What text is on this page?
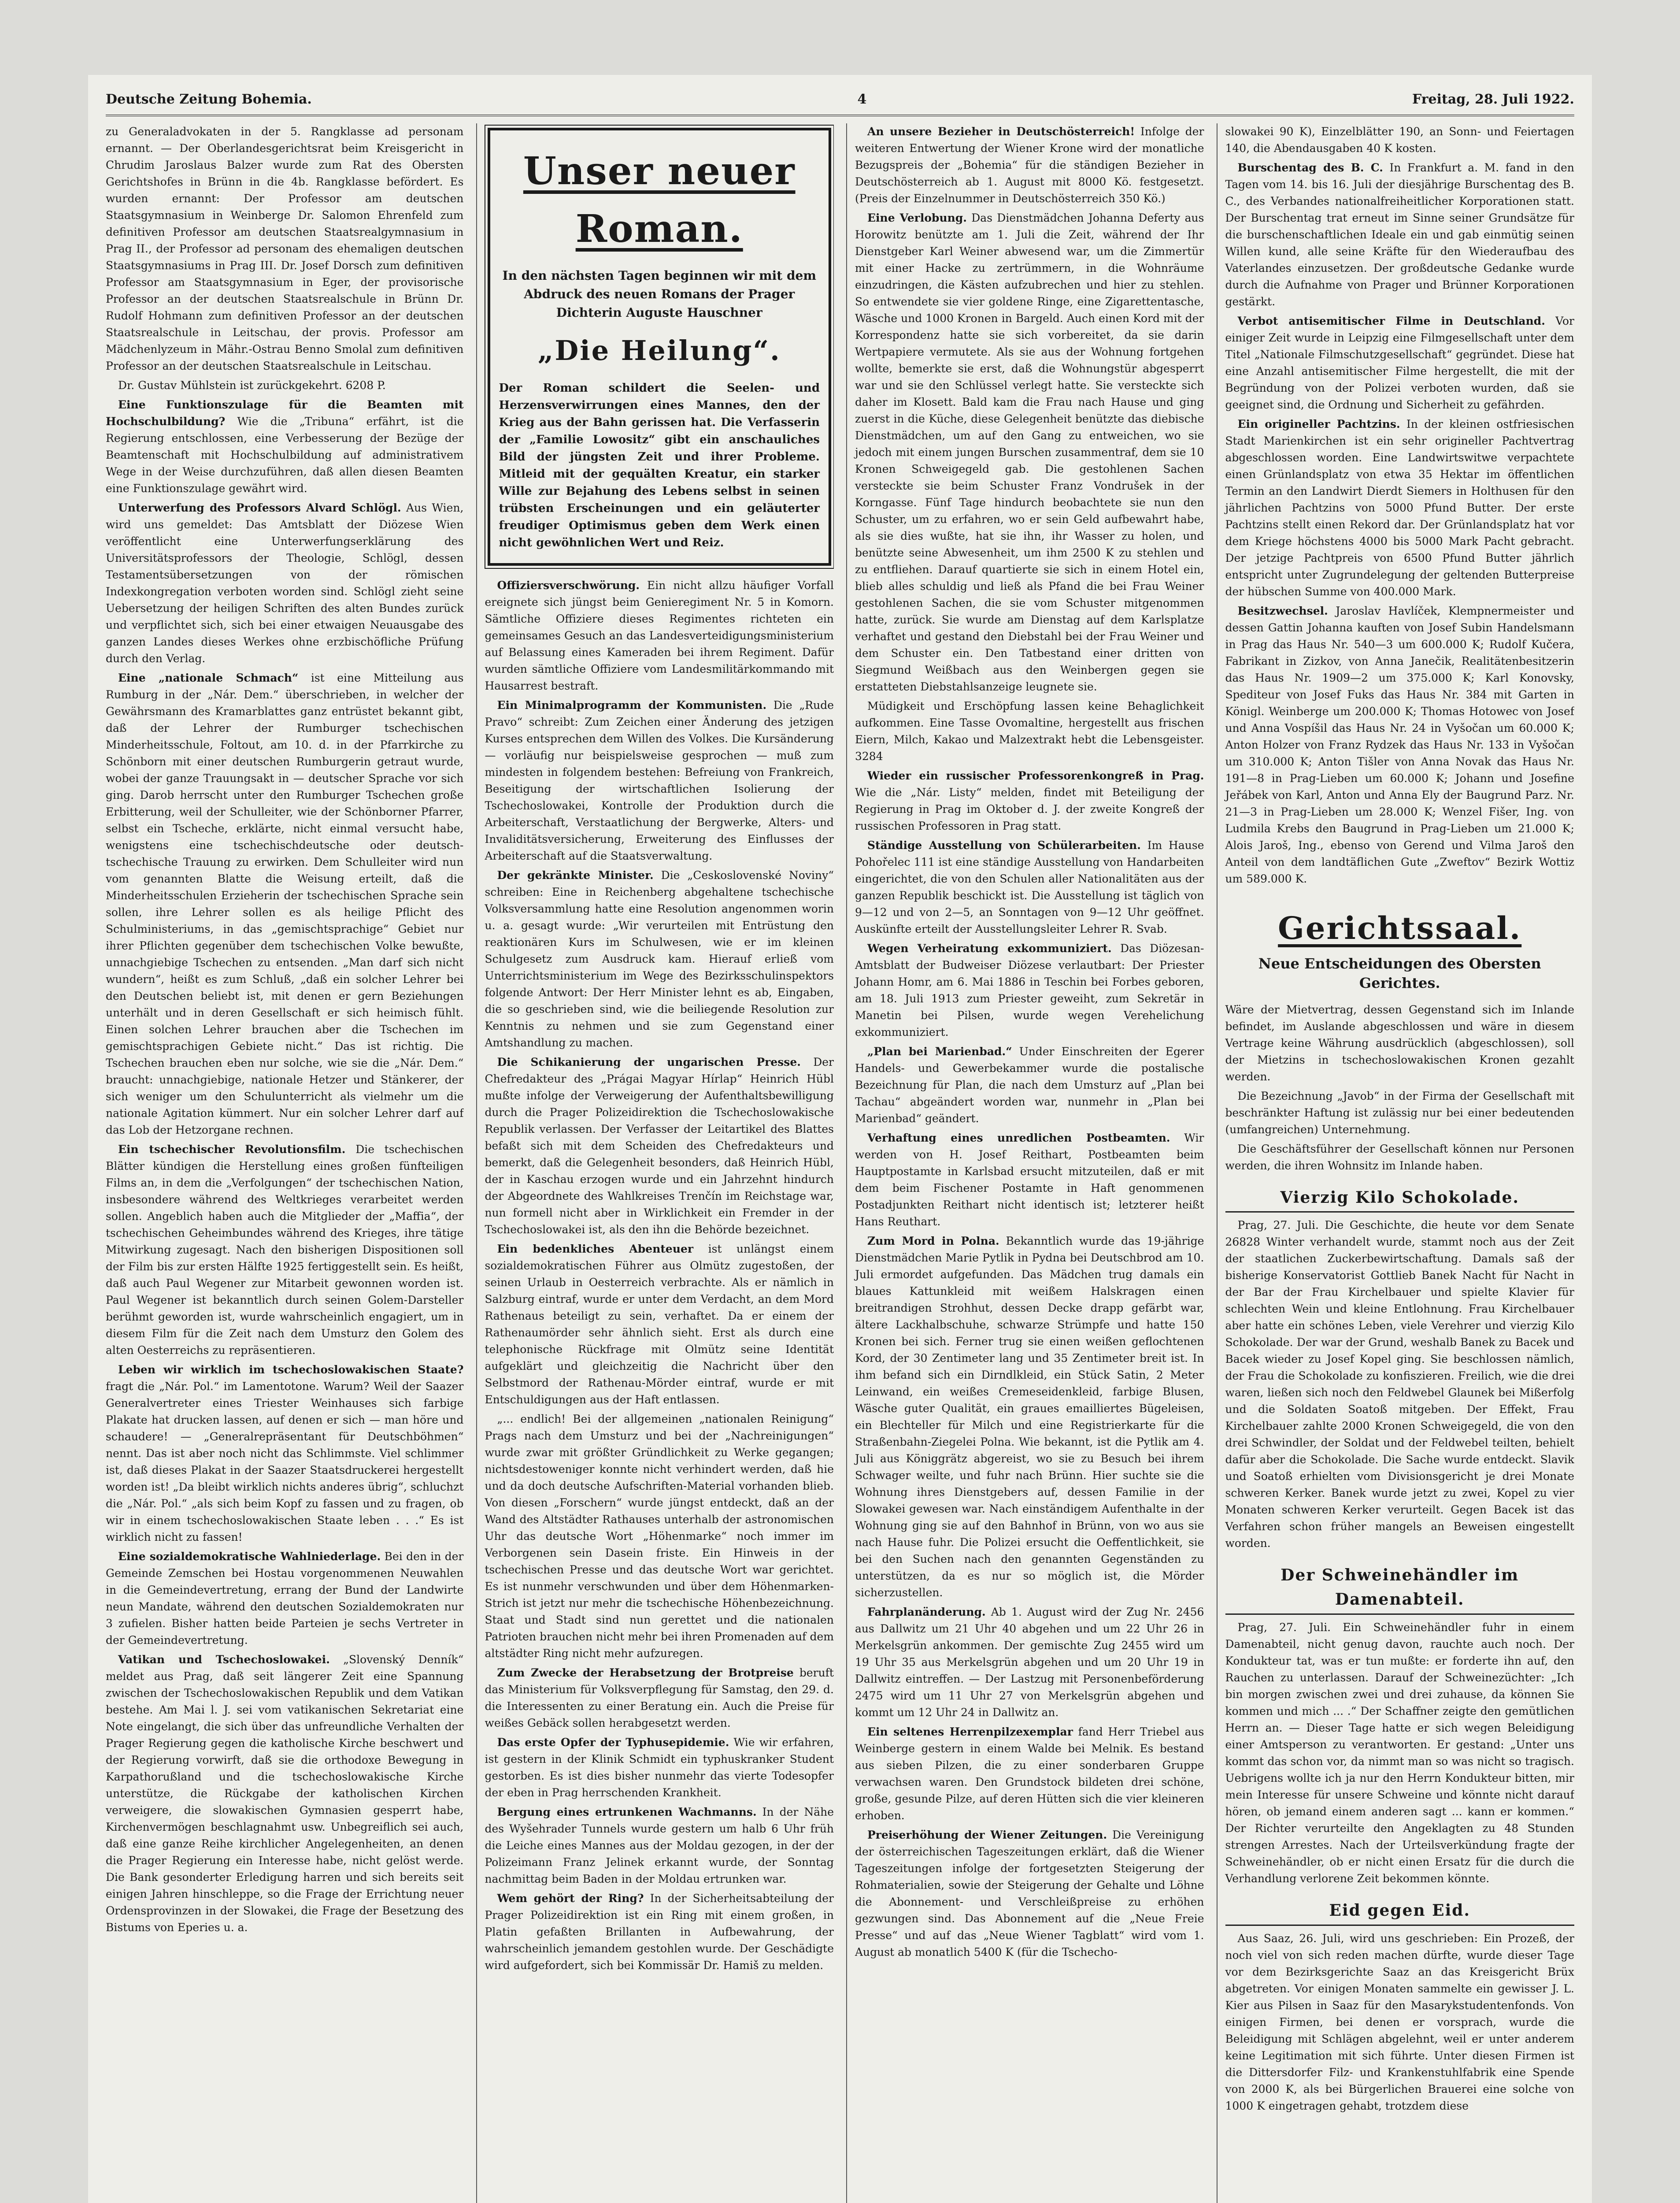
Deutsche Zeitung Bohemia.	4	Freitag, 28. Juli 1922.

zu Generaladvokaten in der 5. Rangklasse ad personam ernannt. — Der Oberlandesgerichtsrat beim Kreisgericht in Chrudim Jaroslaus Balzer wurde zum Rat des Obersten Gerichtshofes in Brünn in die 4b. Rangklasse befördert. Es wurden ernannt: Der Professor am deutschen Staatsgymnasium in Weinberge Dr. Salomon Ehrenfeld zum definitiven Professor am deutschen Staatsrealgymnasium in Prag II., der Professor ad personam des ehemaligen deutschen Staatsgymnasiums in Prag III. Dr. Josef Dorsch zum definitiven Professor am Staatsgymnasium in Eger, der provisorische Professor an der deutschen Staatsrealschule in Brünn Dr. Rudolf Hohmann zum definitiven Professor an der deutschen Staatsrealschule in Leitschau, der provis. Professor am Mädchenlyzeum in Mähr.-Ostrau Benno Smolal zum definitiven Professor an der deutschen Staatsrealschule in Leitschau.

Dr. Gustav Mühlstein ist zurückgekehrt. 6208 P.

Eine Funktionszulage für die Beamten mit Hochschulbildung? Wie die „Tribuna“ erfährt, ist die Regierung entschlossen, eine Verbesserung der Bezüge der Beamtenschaft mit Hochschulbildung auf administrativem Wege in der Weise durchzuführen, daß allen diesen Beamten eine Funktionszulage gewährt wird.

Unterwerfung des Professors Alvard Schlögl. Aus Wien, wird uns gemeldet: Das Amtsblatt der Diözese Wien veröffentlicht eine Unterwerfungserklärung des Universitätsprofessors der Theologie, Schlögl, dessen Testamentsübersetzungen von der römischen Indexkongregation verboten worden sind. Schlögl zieht seine Uebersetzung der heiligen Schriften des alten Bundes zurück und verpflichtet sich, sich bei einer etwaigen Neuausgabe des ganzen Landes dieses Werkes ohne erzbischöfliche Prüfung durch den Verlag.

Eine „nationale Schmach“ ist eine Mitteilung aus Rumburg in der „Nár. Dem.“ überschrieben, in welcher der Gewährsmann des Kramarblattes ganz entrüstet bekannt gibt, daß der Lehrer der Rumburger tschechischen Minderheitsschule, Foltout, am 10. d. in der Pfarrkirche zu Schönborn mit einer deutschen Rumburgerin getraut wurde, wobei der ganze Trauungsakt in — deutscher Sprache vor sich ging. Darob herrscht unter den Rumburger Tschechen große Erbitterung, weil der Schulleiter, wie der Schönborner Pfarrer, selbst ein Tscheche, erklärte, nicht einmal versucht habe, wenigstens eine tschechischdeutsche oder deutsch-tschechische Trauung zu erwirken. Dem Schulleiter wird nun vom genannten Blatte die Weisung erteilt, daß die Minderheitsschulen Erzieherin der tschechischen Sprache sein sollen, ihre Lehrer sollen es als heilige Pflicht des Schulministeriums, in das „gemischtsprachige“ Gebiet nur ihrer Pflichten gegenüber dem tschechischen Volke bewußte, unnachgiebige Tschechen zu entsenden. „Man darf sich nicht wundern“, heißt es zum Schluß, „daß ein solcher Lehrer bei den Deutschen beliebt ist, mit denen er gern Beziehungen unterhält und in deren Gesellschaft er sich heimisch fühlt. Einen solchen Lehrer brauchen aber die Tschechen im gemischtsprachigen Gebiete nicht.“ Das ist richtig. Die Tschechen brauchen eben nur solche, wie sie die „Nár. Dem.“ braucht: unnachgiebige, nationale Hetzer und Stänkerer, der sich weniger um den Schulunterricht als vielmehr um die nationale Agitation kümmert. Nur ein solcher Lehrer darf auf das Lob der Hetzorgane rechnen.

Ein tschechischer Revolutionsfilm. Die tschechischen Blätter kündigen die Herstellung eines großen fünfteiligen Films an, in dem die „Verfolgungen“ der tschechischen Nation, insbesondere während des Weltkrieges verarbeitet werden sollen. Angeblich haben auch die Mitglieder der „Maffia“, der tschechischen Geheimbundes während des Krieges, ihre tätige Mitwirkung zugesagt. Nach den bisherigen Dispositionen soll der Film bis zur ersten Hälfte 1925 fertiggestellt sein. Es heißt, daß auch Paul Wegener zur Mitarbeit gewonnen worden ist. Paul Wegener ist bekanntlich durch seinen Golem-Darsteller berühmt geworden ist, wurde wahrscheinlich engagiert, um in diesem Film für die Zeit nach dem Umsturz den Golem des alten Oesterreichs zu repräsentieren.

Leben wir wirklich im tschechoslowakischen Staate? fragt die „Nár. Pol.“ im Lamentotone. Warum? Weil der Saazer Generalvertreter eines Triester Weinhauses sich farbige Plakate hat drucken lassen, auf denen er sich — man höre und schaudere! — „Generalrepräsentant für Deutschböhmen“ nennt. Das ist aber noch nicht das Schlimmste. Viel schlimmer ist, daß dieses Plakat in der Saazer Staatsdruckerei hergestellt worden ist! „Da bleibt wirklich nichts anderes übrig“, schluchzt die „Nár. Pol.“ „als sich beim Kopf zu fassen und zu fragen, ob wir in einem tschechoslowakischen Staate leben . . .“ Es ist wirklich nicht zu fassen!

Eine sozialdemokratische Wahlniederlage. Bei den in der Gemeinde Zemschen bei Hostau vorgenommenen Neuwahlen in die Gemeindevertretung, errang der Bund der Landwirte neun Mandate, während den deutschen Sozialdemokraten nur 3 zufielen. Bisher hatten beide Parteien je sechs Vertreter in der Gemeindevertretung.

Vatikan und Tschechoslowakei. „Slovenský Denník“ meldet aus Prag, daß seit längerer Zeit eine Spannung zwischen der Tschechoslowakischen Republik und dem Vatikan bestehe. Am Mai l. J. sei vom vatikanischen Sekretariat eine Note eingelangt, die sich über das unfreundliche Verhalten der Prager Regierung gegen die katholische Kirche beschwert und der Regierung vorwirft, daß sie die orthodoxe Bewegung in Karpathorußland und die tschechoslowakische Kirche unterstütze, die Rückgabe der katholischen Kirchen verweigere, die slowakischen Gymnasien gesperrt habe, Kirchenvermögen beschlagnahmt usw. Unbegreiflich sei auch, daß eine ganze Reihe kirchlicher Angelegenheiten, an denen die Prager Regierung ein Interesse habe, nicht gelöst werde. Die Bank gesonderter Erledigung harren und sich bereits seit einigen Jahren hinschleppe, so die Frage der Errichtung neuer Ordensprovinzen in der Slowakei, die Frage der Besetzung des Bistums von Eperies u. a.

Unser neuer Roman.
In den nächsten Tagen beginnen wir mit dem Abdruck des neuen Romans der Prager Dichterin Auguste Hauschner
„Die Heilung“.
Der Roman schildert die Seelen- und Herzensverwirrungen eines Mannes, den der Krieg aus der Bahn gerissen hat. Die Verfasserin der „Familie Lowositz“ gibt ein anschauliches Bild der jüngsten Zeit und ihrer Probleme. Mitleid mit der gequälten Kreatur, ein starker Wille zur Bejahung des Lebens selbst in seinen trübsten Erscheinungen und ein geläuterter freudiger Optimismus geben dem Werk einen nicht gewöhnlichen Wert und Reiz.

Offiziersverschwörung. Ein nicht allzu häufiger Vorfall ereignete sich jüngst beim Genieregiment Nr. 5 in Komorn. Sämtliche Offiziere dieses Regimentes richteten ein gemeinsames Gesuch an das Landesverteidigungsministerium auf Belassung eines Kameraden bei ihrem Regiment. Dafür wurden sämtliche Offiziere vom Landesmilitärkommando mit Hausarrest bestraft.

Ein Minimalprogramm der Kommunisten. Die „Rude Pravo“ schreibt: Zum Zeichen einer Änderung des jetzigen Kurses entsprechen dem Willen des Volkes. Die Kursänderung — vorläufig nur beispielsweise gesprochen — muß zum mindesten in folgendem bestehen: Befreiung von Frankreich, Beseitigung der wirtschaftlichen Isolierung der Tschechoslowakei, Kontrolle der Produktion durch die Arbeiterschaft, Verstaatlichung der Bergwerke, Alters- und Invaliditätsversicherung, Erweiterung des Einflusses der Arbeiterschaft auf die Staatsverwaltung.

Der gekränkte Minister. Die „Ceskoslovenské Noviny“ schreiben: Eine in Reichenberg abgehaltene tschechische Volksversammlung hatte eine Resolution angenommen worin u. a. gesagt wurde: „Wir verurteilen mit Entrüstung den reaktionären Kurs im Schulwesen, wie er im kleinen Schulgesetz zum Ausdruck kam. Hierauf erließ vom Unterrichtsministerium im Wege des Bezirksschulinspektors folgende Antwort: Der Herr Minister lehnt es ab, Eingaben, die so geschrieben sind, wie die beiliegende Resolution zur Kenntnis zu nehmen und sie zum Gegenstand einer Amtshandlung zu machen.

Die Schikanierung der ungarischen Presse. Der Chefredakteur des „Prágai Magyar Hírlap“ Heinrich Hübl mußte infolge der Verweigerung der Aufenthaltsbewilligung durch die Prager Polizeidirektion die Tschechoslowakische Republik verlassen. Der Verfasser der Leitartikel des Blattes befaßt sich mit dem Scheiden des Chefredakteurs und bemerkt, daß die Gelegenheit besonders, daß Heinrich Hübl, der in Kaschau erzogen wurde und ein Jahrzehnt hindurch der Abgeordnete des Wahlkreises Trenčín im Reichstage war, nun formell nicht aber in Wirklichkeit ein Fremder in der Tschechoslowakei ist, als den ihn die Behörde bezeichnet.

Ein bedenkliches Abenteuer ist unlängst einem sozialdemokratischen Führer aus Olmütz zugestoßen, der seinen Urlaub in Oesterreich verbrachte. Als er nämlich in Salzburg eintraf, wurde er unter dem Verdacht, an dem Mord Rathenaus beteiligt zu sein, verhaftet. Da er einem der Rathenaumörder sehr ähnlich sieht. Erst als durch eine telephonische Rückfrage mit Olmütz seine Identität aufgeklärt und gleichzeitig die Nachricht über den Selbstmord der Rathenau-Mörder eintraf, wurde er mit Entschuldigungen aus der Haft entlassen.

„... endlich! Bei der allgemeinen „nationalen Reinigung“ Prags nach dem Umsturz und bei der „Nachreinigungen“ wurde zwar mit größter Gründlichkeit zu Werke gegangen; nichtsdestoweniger konnte nicht verhindert werden, daß hie und da doch deutsche Aufschriften-Material vorhanden blieb. Von diesen „Forschern“ wurde jüngst entdeckt, daß an der Wand des Altstädter Rathauses unterhalb der astronomischen Uhr das deutsche Wort „Höhenmarke“ noch immer im Verborgenen sein Dasein friste. Ein Hinweis in der tschechischen Presse und das deutsche Wort war gerichtet. Es ist nunmehr verschwunden und über dem Höhenmarken-Strich ist jetzt nur mehr die tschechische Höhenbezeichnung. Staat und Stadt sind nun gerettet und die nationalen Patrioten brauchen nicht mehr bei ihren Promenaden auf dem altstädter Ring nicht mehr aufzuregen.

Zum Zwecke der Herabsetzung der Brotpreise beruft das Ministerium für Volksverpflegung für Samstag, den 29. d. die Interessenten zu einer Beratung ein. Auch die Preise für weißes Gebäck sollen herabgesetzt werden.

Das erste Opfer der Typhusepidemie. Wie wir erfahren, ist gestern in der Klinik Schmidt ein typhuskranker Student gestorben. Es ist dies bisher nunmehr das vierte Todesopfer der eben in Prag herrschenden Krankheit.

Bergung eines ertrunkenen Wachmanns. In der Nähe des Wyšehrader Tunnels wurde gestern um halb 6 Uhr früh die Leiche eines Mannes aus der Moldau gezogen, in der der Polizeimann Franz Jelinek erkannt wurde, der Sonntag nachmittag beim Baden in der Moldau ertrunken war.

Wem gehört der Ring? In der Sicherheitsabteilung der Prager Polizeidirektion ist ein Ring mit einem großen, in Platin gefaßten Brillanten in Aufbewahrung, der wahrscheinlich jemandem gestohlen wurde. Der Geschädigte wird aufgefordert, sich bei Kommissär Dr. Hamiš zu melden.

An unsere Bezieher in Deutschösterreich! Infolge der weiteren Entwertung der Wiener Krone wird der monatliche Bezugspreis der „Bohemia“ für die ständigen Bezieher in Deutschösterreich ab 1. August mit 8000 Kö. festgesetzt. (Preis der Einzelnummer in Deutschösterreich 350 Kö.)

Eine Verlobung. Das Dienstmädchen Johanna Deferty aus Horowitz benützte am 1. Juli die Zeit, während der Ihr Dienstgeber Karl Weiner abwesend war, um die Zimmertür mit einer Hacke zu zertrümmern, in die Wohnräume einzudringen, die Kästen aufzubrechen und hier zu stehlen. So entwendete sie vier goldene Ringe, eine Zigarettentasche, Wäsche und 1000 Kronen in Bargeld. Auch einen Kord mit der Korrespondenz hatte sie sich vorbereitet, da sie darin Wertpapiere vermutete. Als sie aus der Wohnung fortgehen wollte, bemerkte sie erst, daß die Wohnungstür abgesperrt war und sie den Schlüssel verlegt hatte. Sie versteckte sich daher im Klosett. Bald kam die Frau nach Hause und ging zuerst in die Küche, diese Gelegenheit benützte das diebische Dienstmädchen, um auf den Gang zu entweichen, wo sie jedoch mit einem jungen Burschen zusammentraf, dem sie 10 Kronen Schweigegeld gab. Die gestohlenen Sachen versteckte sie beim Schuster Franz Vondrušek in der Korngasse. Fünf Tage hindurch beobachtete sie nun den Schuster, um zu erfahren, wo er sein Geld aufbewahrt habe, als sie dies wußte, hat sie ihn, ihr Wasser zu holen, und benützte seine Abwesenheit, um ihm 2500 K zu stehlen und zu entfliehen. Darauf quartierte sie sich in einem Hotel ein, blieb alles schuldig und ließ als Pfand die bei Frau Weiner gestohlenen Sachen, die sie vom Schuster mitgenommen hatte, zurück. Sie wurde am Dienstag auf dem Karlsplatze verhaftet und gestand den Diebstahl bei der Frau Weiner und dem Schuster ein. Den Tatbestand einer dritten von Siegmund Weißbach aus den Weinbergen gegen sie erstatteten Diebstahlsanzeige leugnete sie.

Müdigkeit und Erschöpfung lassen keine Behaglichkeit aufkommen. Eine Tasse Ovomaltine, hergestellt aus frischen Eiern, Milch, Kakao und Malzextrakt hebt die Lebensgeister. 3284

Wieder ein russischer Professorenkongreß in Prag. Wie die „Nár. Listy“ melden, findet mit Beteiligung der Regierung in Prag im Oktober d. J. der zweite Kongreß der russischen Professoren in Prag statt.

Ständige Ausstellung von Schülerarbeiten. Im Hause Pohořelec 111 ist eine ständige Ausstellung von Handarbeiten eingerichtet, die von den Schulen aller Nationalitäten aus der ganzen Republik beschickt ist. Die Ausstellung ist täglich von 9—12 und von 2—5, an Sonntagen von 9—12 Uhr geöffnet. Auskünfte erteilt der Ausstellungsleiter Lehrer R. Svab.

Wegen Verheiratung exkommuniziert. Das Diözesan-Amtsblatt der Budweiser Diözese verlautbart: Der Priester Johann Homr, am 6. Mai 1886 in Teschin bei Forbes geboren, am 18. Juli 1913 zum Priester geweiht, zum Sekretär in Manetin bei Pilsen, wurde wegen Verehelichung exkommuniziert.

„Plan bei Marienbad.“ Under Einschreiten der Egerer Handels- und Gewerbekammer wurde die postalische Bezeichnung für Plan, die nach dem Umsturz auf „Plan bei Tachau“ abgeändert worden war, nunmehr in „Plan bei Marienbad“ geändert.

Verhaftung eines unredlichen Postbeamten. Wir werden von H. Josef Reithart, Postbeamten beim Hauptpostamte in Karlsbad ersucht mitzuteilen, daß er mit dem beim Fischener Postamte in Haft genommenen Postadjunkten Reithart nicht identisch ist; letzterer heißt Hans Reuthart.

Zum Mord in Polna. Bekanntlich wurde das 19-jährige Dienstmädchen Marie Pytlik in Pydna bei Deutschbrod am 10. Juli ermordet aufgefunden. Das Mädchen trug damals ein blaues Kattunkleid mit weißem Halskragen einen breitrandigen Strohhut, dessen Decke drapp gefärbt war, ältere Lackhalbschuhe, schwarze Strümpfe und hatte 150 Kronen bei sich. Ferner trug sie einen weißen geflochtenen Kord, der 30 Zentimeter lang und 35 Zentimeter breit ist. In ihm befand sich ein Dirndlkleid, ein Stück Satin, 2 Meter Leinwand, ein weißes Cremeseidenkleid, farbige Blusen, Wäsche guter Qualität, ein graues emailliertes Bügeleisen, ein Blechteller für Milch und eine Registrierkarte für die Straßenbahn-Ziegelei Polna. Wie bekannt, ist die Pytlik am 4. Juli aus Königgrätz abgereist, wo sie zu Besuch bei ihrem Schwager weilte, und fuhr nach Brünn. Hier suchte sie die Wohnung ihres Dienstgebers auf, dessen Familie in der Slowakei gewesen war. Nach einständigem Aufenthalte in der Wohnung ging sie auf den Bahnhof in Brünn, von wo aus sie nach Hause fuhr. Die Polizei ersucht die Oeffentlichkeit, sie bei den Suchen nach den genannten Gegenständen zu unterstützen, da es nur so möglich ist, die Mörder sicherzustellen.

Fahrplanänderung. Ab 1. August wird der Zug Nr. 2456 aus Dallwitz um 21 Uhr 40 abgehen und um 22 Uhr 26 in Merkelsgrün ankommen. Der gemischte Zug 2455 wird um 19 Uhr 35 aus Merkelsgrün abgehen und um 20 Uhr 19 in Dallwitz eintreffen. — Der Lastzug mit Personenbeförderung 2475 wird um 11 Uhr 27 von Merkelsgrün abgehen und kommt um 12 Uhr 24 in Dallwitz an.

Ein seltenes Herrenpilzexemplar fand Herr Triebel aus Weinberge gestern in einem Walde bei Melnik. Es bestand aus sieben Pilzen, die zu einer sonderbaren Gruppe verwachsen waren. Den Grundstock bildeten drei schöne, große, gesunde Pilze, auf deren Hütten sich die vier kleineren erhoben.

Preiserhöhung der Wiener Zeitungen. Die Vereinigung der österreichischen Tageszeitungen erklärt, daß die Wiener Tageszeitungen infolge der fortgesetzten Steigerung der Rohmaterialien, sowie der Steigerung der Gehalte und Löhne die Abonnement- und Verschleißpreise zu erhöhen gezwungen sind. Das Abonnement auf die „Neue Freie Presse“ und auf das „Neue Wiener Tagblatt“ wird vom 1. August ab monatlich 5400 K (für die Tschecho-

slowakei 90 K), Einzelblätter 190, an Sonn- und Feiertagen 140, die Abendausgaben 40 K kosten.

Burschentag des B. C. In Frankfurt a. M. fand in den Tagen vom 14. bis 16. Juli der diesjährige Burschentag des B. C., des Verbandes nationalfreiheitlicher Korporationen statt. Der Burschentag trat erneut im Sinne seiner Grundsätze für die burschenschaftlichen Ideale ein und gab einmütig seinen Willen kund, alle seine Kräfte für den Wiederaufbau des Vaterlandes einzusetzen. Der großdeutsche Gedanke wurde durch die Aufnahme von Prager und Brünner Korporationen gestärkt.

Verbot antisemitischer Filme in Deutschland. Vor einiger Zeit wurde in Leipzig eine Filmgesellschaft unter dem Titel „Nationale Filmschutzgesellschaft“ gegründet. Diese hat eine Anzahl antisemitischer Filme hergestellt, die mit der Begründung von der Polizei verboten wurden, daß sie geeignet sind, die Ordnung und Sicherheit zu gefährden.

Ein origineller Pachtzins. In der kleinen ostfriesischen Stadt Marienkirchen ist ein sehr origineller Pachtvertrag abgeschlossen worden. Eine Landwirtswitwe verpachtete einen Grünlandsplatz von etwa 35 Hektar im öffentlichen Termin an den Landwirt Dierdt Siemers in Holthusen für den jährlichen Pachtzins von 5000 Pfund Butter. Der erste Pachtzins stellt einen Rekord dar. Der Grünlandsplatz hat vor dem Kriege höchstens 4000 bis 5000 Mark Pacht gebracht. Der jetzige Pachtpreis von 6500 Pfund Butter jährlich entspricht unter Zugrundelegung der geltenden Butterpreise der hübschen Summe von 400.000 Mark.

Besitzwechsel. Jaroslav Havlíček, Klempnermeister und dessen Gattin Johanna kauften von Josef Subin Handelsmann in Prag das Haus Nr. 540—3 um 600.000 K; Rudolf Kučera, Fabrikant in Zizkov, von Anna Janečik, Realitätenbesitzerin das Haus Nr. 1909—2 um 375.000 K; Karl Konovsky, Spediteur von Josef Fuks das Haus Nr. 384 mit Garten in Königl. Weinberge um 200.000 K; Thomas Hotowec von Josef und Anna Vospíšil das Haus Nr. 24 in Vyšočan um 60.000 K; Anton Holzer von Franz Rydzek das Haus Nr. 133 in Vyšočan um 310.000 K; Anton Tišler von Anna Novak das Haus Nr. 191—8 in Prag-Lieben um 60.000 K; Johann und Josefine Jeřábek von Karl, Anton und Anna Ely der Baugrund Parz. Nr. 21—3 in Prag-Lieben um 28.000 K; Wenzel Fišer, Ing. von Ludmila Krebs den Baugrund in Prag-Lieben um 21.000 K; Alois Jaroš, Ing., ebenso von Gerend und Vilma Jaroš den Anteil von dem landtäflichen Gute „Zweftov“ Bezirk Wottiz um 589.000 K.

Gerichtssaal.
Neue Entscheidungen des Obersten Gerichtes.

Wäre der Mietvertrag, dessen Gegenstand sich im Inlande befindet, im Auslande abgeschlossen und wäre in diesem Vertrage keine Währung ausdrücklich (abgeschlossen), soll der Mietzins in tschechoslowakischen Kronen gezahlt werden.

Die Bezeichnung „Javob“ in der Firma der Gesellschaft mit beschränkter Haftung ist zulässig nur bei einer bedeutenden (umfangreichen) Unternehmung.

Die Geschäftsführer der Gesellschaft können nur Personen werden, die ihren Wohnsitz im Inlande haben.

Vierzig Kilo Schokolade.

Prag, 27. Juli. Die Geschichte, die heute vor dem Senate 26828 Winter verhandelt wurde, stammt noch aus der Zeit der staatlichen Zuckerbewirtschaftung. Damals saß der bisherige Konservatorist Gottlieb Banek Nacht für Nacht in der Bar der Frau Kirchelbauer und spielte Klavier für schlechten Wein und kleine Entlohnung. Frau Kirchelbauer aber hatte ein schönes Leben, viele Verehrer und vierzig Kilo Schokolade. Der war der Grund, weshalb Banek zu Bacek und Bacek wieder zu Josef Kopel ging. Sie beschlossen nämlich, der Frau die Schokolade zu konfiszieren. Freilich, wie die drei waren, ließen sich noch den Feldwebel Glaunek bei Mißerfolg und die Soldaten Soatoß mitgeben. Der Effekt, Frau Kirchelbauer zahlte 2000 Kronen Schweigegeld, die von den drei Schwindler, der Soldat und der Feldwebel teilten, behielt dafür aber die Schokolade. Die Sache wurde entdeckt. Slavik und Soatoß erhielten vom Divisionsgericht je drei Monate schweren Kerker. Banek wurde jetzt zu zwei, Kopel zu vier Monaten schweren Kerker verurteilt. Gegen Bacek ist das Verfahren schon früher mangels an Beweisen eingestellt worden.

Der Schweinehändler im Damenabteil.

Prag, 27. Juli. Ein Schweinehändler fuhr in einem Damenabteil, nicht genug davon, rauchte auch noch. Der Kondukteur tat, was er tun mußte: er forderte ihn auf, den Rauchen zu unterlassen. Darauf der Schweinezüchter: „Ich bin morgen zwischen zwei und drei zuhause, da können Sie kommen und mich ... .“ Der Schaffner zeigte den gemütlichen Herrn an. — Dieser Tage hatte er sich wegen Beleidigung einer Amtsperson zu verantworten. Er gestand: „Unter uns kommt das schon vor, da nimmt man so was nicht so tragisch. Uebrigens wollte ich ja nur den Herrn Kondukteur bitten, mir mein Interesse für unsere Schweine und könnte nicht darauf hören, ob jemand einem anderen sagt ... kann er kommen.“ Der Richter verurteilte den Angeklagten zu 48 Stunden strengen Arrestes. Nach der Urteilsverkündung fragte der Schweinehändler, ob er nicht einen Ersatz für die durch die Verhandlung verlorene Zeit bekommen könnte.

Eid gegen Eid.

Aus Saaz, 26. Juli, wird uns geschrieben: Ein Prozeß, der noch viel von sich reden machen dürfte, wurde dieser Tage vor dem Bezirksgerichte Saaz an das Kreisgericht Brüx abgetreten. Vor einigen Monaten sammelte ein gewisser J. L. Kier aus Pilsen in Saaz für den Masarykstudentenfonds. Von einigen Firmen, bei denen er vorsprach, wurde die Beleidigung mit Schlägen abgelehnt, weil er unter anderem keine Legitimation mit sich führte. Unter diesen Firmen ist die Dittersdorfer Filz- und Krankenstuhlfabrik eine Spende von 2000 K, als bei Bürgerlichen Brauerei eine solche von 1000 K eingetragen gehabt, trotzdem diese
